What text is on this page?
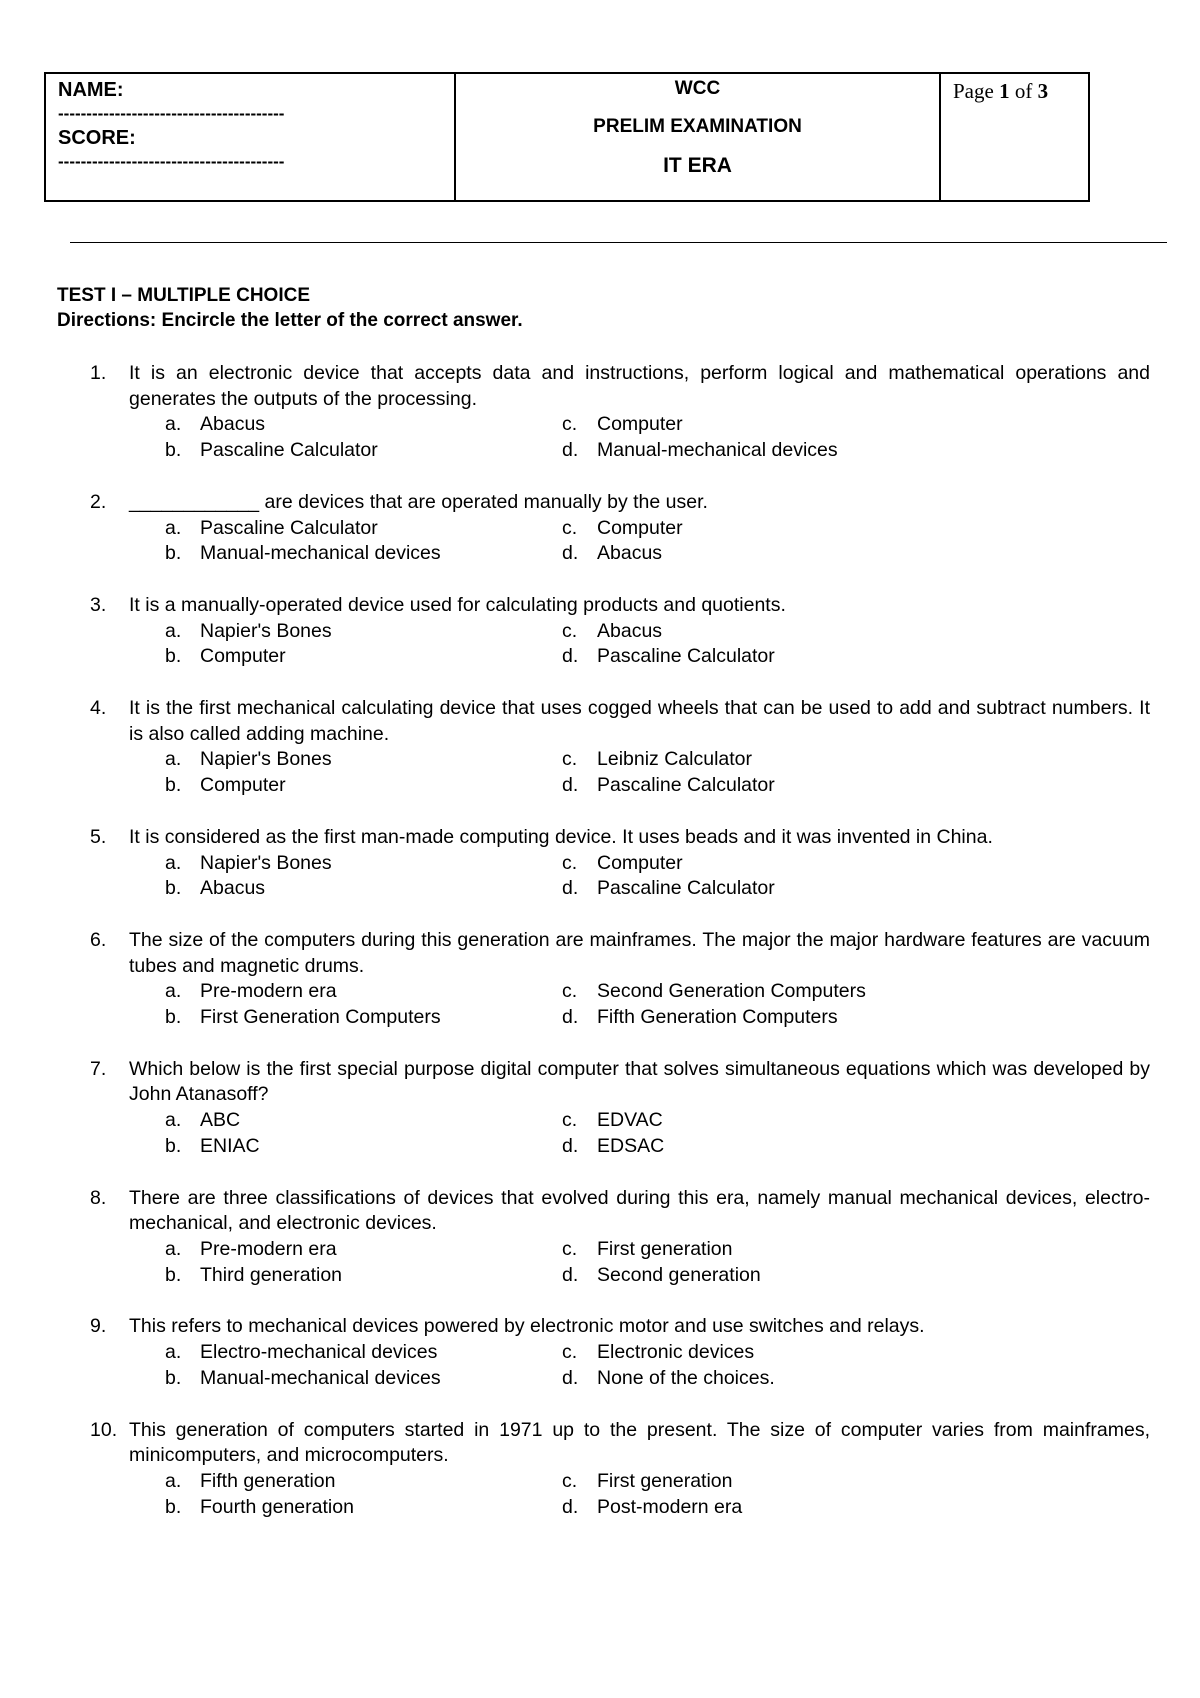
NAME:
----------------------------------------
SCORE:
----------------------------------------

WCC
PRELIM EXAMINATION
IT ERA

Page 1 of 3
TEST I – MULTIPLE CHOICE
Directions: Encircle the letter of the correct answer.
1.	It is an electronic device that accepts data and instructions, perform logical and mathematical operations and generates the outputs of the processing.
a. Abacus	c.	Computer
b. Pascaline Calculator	d. Manual-mechanical devices
2.	____________ are devices that are operated manually by the user.
a. Pascaline Calculator	c.	Computer
b. Manual-mechanical devices	d. Abacus
3.	It is a manually-operated device used for calculating products and quotients.
a. Napier's Bones	c.	Abacus
b. Computer	d. Pascaline Calculator
4.	It is the first mechanical calculating device that uses cogged wheels that can be used to add and subtract numbers. It is also called adding machine.
a. Napier's Bones	c.	Leibniz Calculator
b. Computer	d. Pascaline Calculator
5.	It is considered as the first man-made computing device. It uses beads and it was invented in China.
a. Napier's Bones	c.	Computer
b. Abacus	d. Pascaline Calculator
6.	The size of the computers during this generation are mainframes. The major the major hardware features are vacuum tubes and magnetic drums.
a. Pre-modern era	c.	Second Generation Computers
b. First Generation Computers	d. Fifth Generation Computers
7.	Which below is the first special purpose digital computer that solves simultaneous equations which was developed by John Atanasoff?
a. ABC	c.	EDVAC
b. ENIAC	d. EDSAC
8.	There are three classifications of devices that evolved during this era, namely manual mechanical devices, electro-mechanical, and electronic devices.
a. Pre-modern era	c.	First generation
b. Third generation	d. Second generation
9.	This refers to mechanical devices powered by electronic motor and use switches and relays.
a. Electro-mechanical devices	c.	Electronic devices
b. Manual-mechanical devices	d. None of the choices.
10. This generation of computers started in 1971 up to the present. The size of computer varies from mainframes, minicomputers, and microcomputers.
a. Fifth generation	c.	First generation
b. Fourth generation	d. Post-modern era
